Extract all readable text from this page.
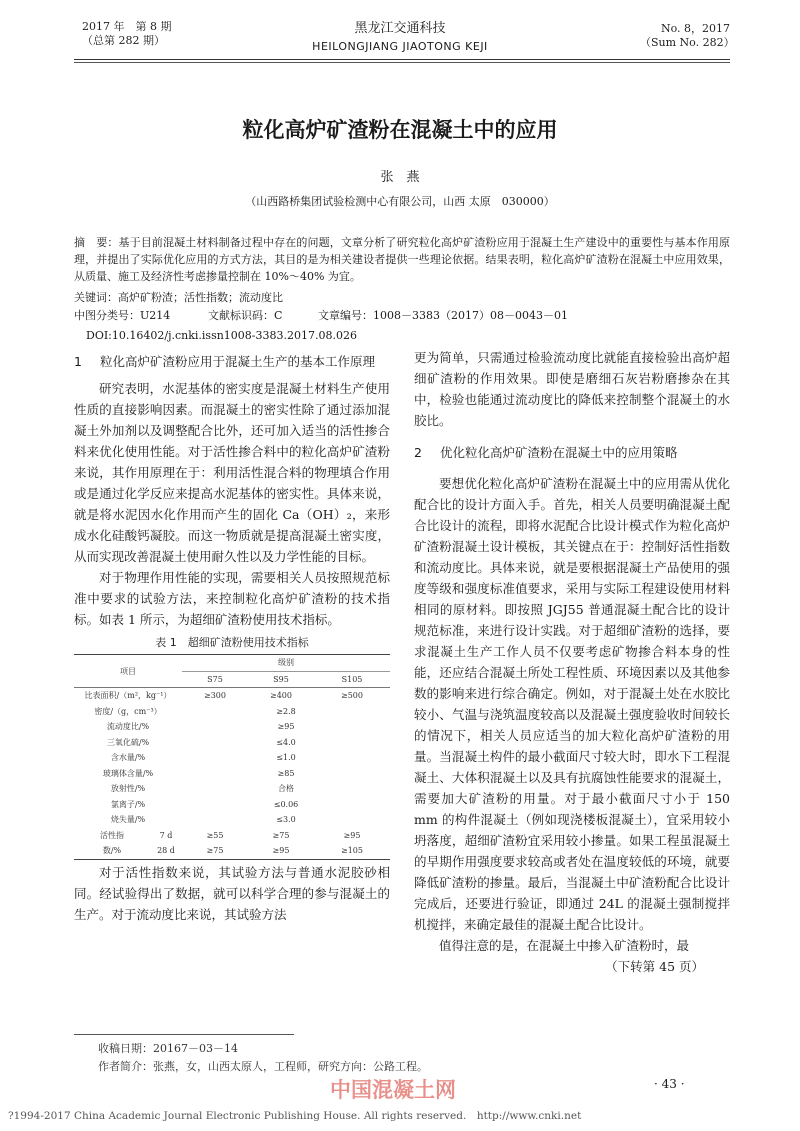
2017 年　第 8 期
（总第 282 期）
黑龙江交通科技
HEILONGJIANG JIAOTONG KEJI
No. 8，2017
（Sum No. 282）
粒化高炉矿渣粉在混凝土中的应用
张　燕
（山西路桥集团试验检测中心有限公司，山西 太原　030000）
摘　要：基于目前混凝土材料制备过程中存在的问题，文章分析了研究粒化高炉矿渣粉应用于混凝土生产建设中的重要性与基本作用原理，并提出了实际优化应用的方式方法，其目的是为相关建设者提供一些理论依据。结果表明，粒化高炉矿渣粉在混凝土中应用效果，从质量、施工及经济性考虑掺量控制在 10%～40% 为宜。
关键词：高炉矿粉渣；活性指数；流动度比
中图分类号：U214	文献标识码：C	文章编号：1008－3383（2017）08－0043－01
DOI:10.16402/j.cnki.issn1008-3383.2017.08.026
1	粒化高炉矿渣粉应用于混凝土生产的基本工作原理

研究表明，水泥基体的密实度是混凝土材料生产使用性质的直接影响因素。而混凝土的密实性除了通过添加混凝土外加剂以及调整配合比外，还可加入适当的活性掺合料来优化使用性能。对于活性掺合料中的粒化高炉矿渣粉来说，其作用原理在于：利用活性混合料的物理填合作用或是通过化学反应来提高水泥基体的密实性。具体来说，就是将水泥因水化作用而产生的固化 Ca（OH）₂，来形成水化硅酸钙凝胶。而这一物质就是提高混凝土密实度，从而实现改善混凝土使用耐久性以及力学性能的目标。

对于物理作用性能的实现，需要相关人员按照规范标准中要求的试验方法，来控制粒化高炉矿渣粉的技术指标。如表 1 所示，为超细矿渣粉使用技术指标。

表 1　超细矿渣粉使用技术指标
项目		级别		
		S75	S95	S105
比表面积/（m²，kg⁻¹）		≥300	≥400	≥500
密度/（g，cm⁻³）		≥2.8		
流动度比/%		≥95		
三氧化硫/%		≤4.0		
含水量/%		≤1.0		
玻璃体含量/%		≥85		
放射性/%		合格		
氯离子/%		≤0.06		
烧失量/%		≤3.0		
活性指	7 d	≥55	≥75	≥95
数/%	28 d	≥75	≥95	≥105

对于活性指数来说，其试验方法与普通水泥胶砂相同。经试验得出了数据，就可以科学合理的参与混凝土的生产。对于流动度比来说，其试验方法

更为简单，只需通过检验流动度比就能直接检验出高炉超细矿渣粉的作用效果。即使是磨细石灰岩粉磨掺杂在其中，检验也能通过流动度比的降低来控制整个混凝土的水胶比。
2	优化粒化高炉矿渣粉在混凝土中的应用策略

要想优化粒化高炉矿渣粉在混凝土中的应用需从优化配合比的设计方面入手。首先，相关人员要明确混凝土配合比设计的流程，即将水泥配合比设计模式作为粒化高炉矿渣粉混凝土设计模板，其关键点在于：控制好活性指数和流动度比。具体来说，就是要根据混凝土产品使用的强度等级和强度标准值要求，采用与实际工程建设使用材料相同的原材料。即按照 JGJ55 普通混凝土配合比的设计规范标准，来进行设计实践。对于超细矿渣粉的选择，要求混凝土生产工作人员不仅要考虑矿物掺合料本身的性能，还应结合混凝土所处工程性质、环境因素以及其他参数的影响来进行综合确定。例如，对于混凝土处在水胶比较小、气温与浇筑温度较高以及混凝土强度验收时间较长的情况下，相关人员应适当的加大粒化高炉矿渣粉的用量。当混凝土构件的最小截面尺寸较大时，即水下工程混凝土、大体积混凝土以及具有抗腐蚀性能要求的混凝土，需要加大矿渣粉的用量。对于最小截面尺寸小于 150 mm 的构件混凝土（例如现浇楼板混凝土），宜采用较小坍落度，超细矿渣粉宜采用较小掺量。如果工程虽混凝土的早期作用强度要求较高或者处在温度较低的环境，就要降低矿渣粉的掺量。最后，当混凝土中矿渣粉配合比设计完成后，还要进行验证，即通过 24L 的混凝土强制搅拌机搅拌，来确定最佳的混凝土配合比设计。

值得注意的是，在混凝土中掺入矿渣粉时，最

（下转第 45 页）
收稿日期：20167－03－14
作者简介：张燕，女，山西太原人，工程师，研究方向：公路工程。
· 43 ·
中国混凝土网
?1994-2017 China Academic Journal Electronic Publishing House. All rights reserved.　http://www.cnki.net
